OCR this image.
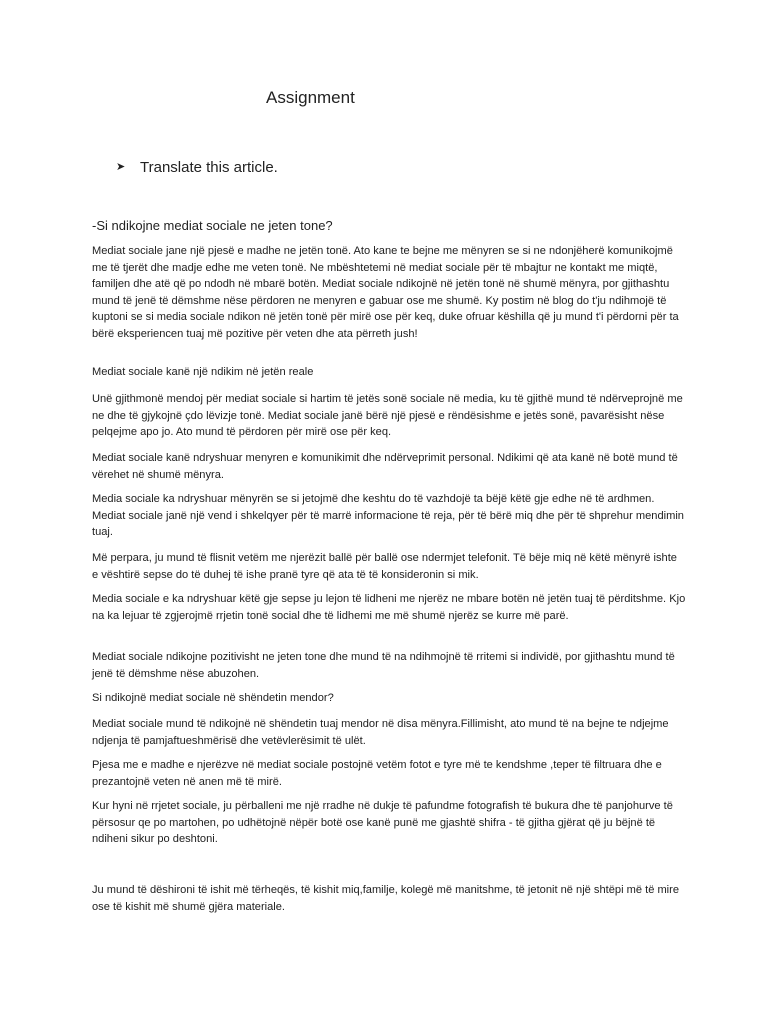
Assignment
➤ Translate this article.
-Si ndikojne mediat sociale ne jeten tone?

Mediat sociale jane një pjesë e madhe ne jetën tonë. Ato kane te bejne me mënyren se si ne ndonjëherë komunikojmë me të tjerët dhe madje edhe me veten tonë. Ne mbështetemi në mediat sociale për të mbajtur ne kontakt me miqtë, familjen dhe atë që po ndodh në mbarë botën. Mediat sociale ndikojnë në jetën tonë në shumë mënyra, por gjithashtu mund të jenë të dëmshme nëse përdoren ne menyren e gabuar ose me shumë. Ky postim në blog do t'ju ndihmojë të kuptoni se si media sociale ndikon në jetën tonë për mirë ose për keq, duke ofruar këshilla që ju mund t'i përdorni për ta bërë eksperiencen tuaj më pozitive për veten dhe ata përreth jush!

Mediat sociale kanë një ndikim në jetën reale

Unë gjithmonë mendoj për mediat sociale si hartim të jetës sonë sociale në media, ku të gjithë mund të ndërveprojnë me ne dhe të gjykojnë çdo lëvizje tonë. Mediat sociale janë bërë një pjesë e rëndësishme e jetës sonë, pavarësisht nëse pelqejme apo jo. Ato mund të përdoren për mirë ose për keq.

Mediat sociale kanë ndryshuar menyren e komunikimit dhe ndërveprimit personal. Ndikimi që ata kanë në botë mund të vërehet në shumë mënyra.

Media sociale ka ndryshuar mënyrën se si jetojmë dhe keshtu do të vazhdojë ta bëjë këtë gje edhe në të ardhmen. Mediat sociale janë një vend i shkelqyer për të marrë informacione të reja, për të bërë miq dhe për të shprehur mendimin tuaj.

Më perpara, ju mund të flisnit vetëm me njerëzit ballë për ballë ose ndermjet telefonit. Të bëje miq në këtë mënyrë ishte e vështirë sepse do të duhej të ishe pranë tyre që ata të të konsideronin si mik.

Media sociale e ka ndryshuar këtë gje sepse ju lejon të lidheni me njerëz ne mbare botën në jetën tuaj të përditshme. Kjo na ka lejuar të zgjerojmë rrjetin tonë social dhe të lidhemi me më shumë njerëz se kurre më parë.

Mediat sociale ndikojne pozitivisht ne jeten tone dhe mund të na ndihmojnë të rritemi si individë, por gjithashtu mund të jenë të dëmshme nëse abuzohen.

Si ndikojnë mediat sociale në shëndetin mendor?

Mediat sociale mund të ndikojnë në shëndetin tuaj mendor në disa mënyra.Fillimisht, ato mund të na bejne te ndjejme ndjenja të pamjaftueshmërisë dhe vetëvlerësimit të ulët.

Pjesa me e madhe e njerëzve në mediat sociale postojnë vetëm fotot e tyre më te kendshme ,teper të filtruara dhe e prezantojnë veten në anen më të mirë.

Kur hyni në rrjetet sociale, ju përballeni me një rradhe në dukje të pafundme fotografish të bukura dhe të panjohurve të përsosur qe po martohen, po udhëtojnë nëpër botë ose kanë punë me gjashtë shifra - të gjitha gjërat që ju bëjnë të ndiheni sikur po deshtoni.

Ju mund të dëshironi të ishit më tërheqës, të kishit miq,familje, kolegë më manitshme, të jetonit në një shtëpi më të mire ose të kishit më shumë gjëra materiale.
